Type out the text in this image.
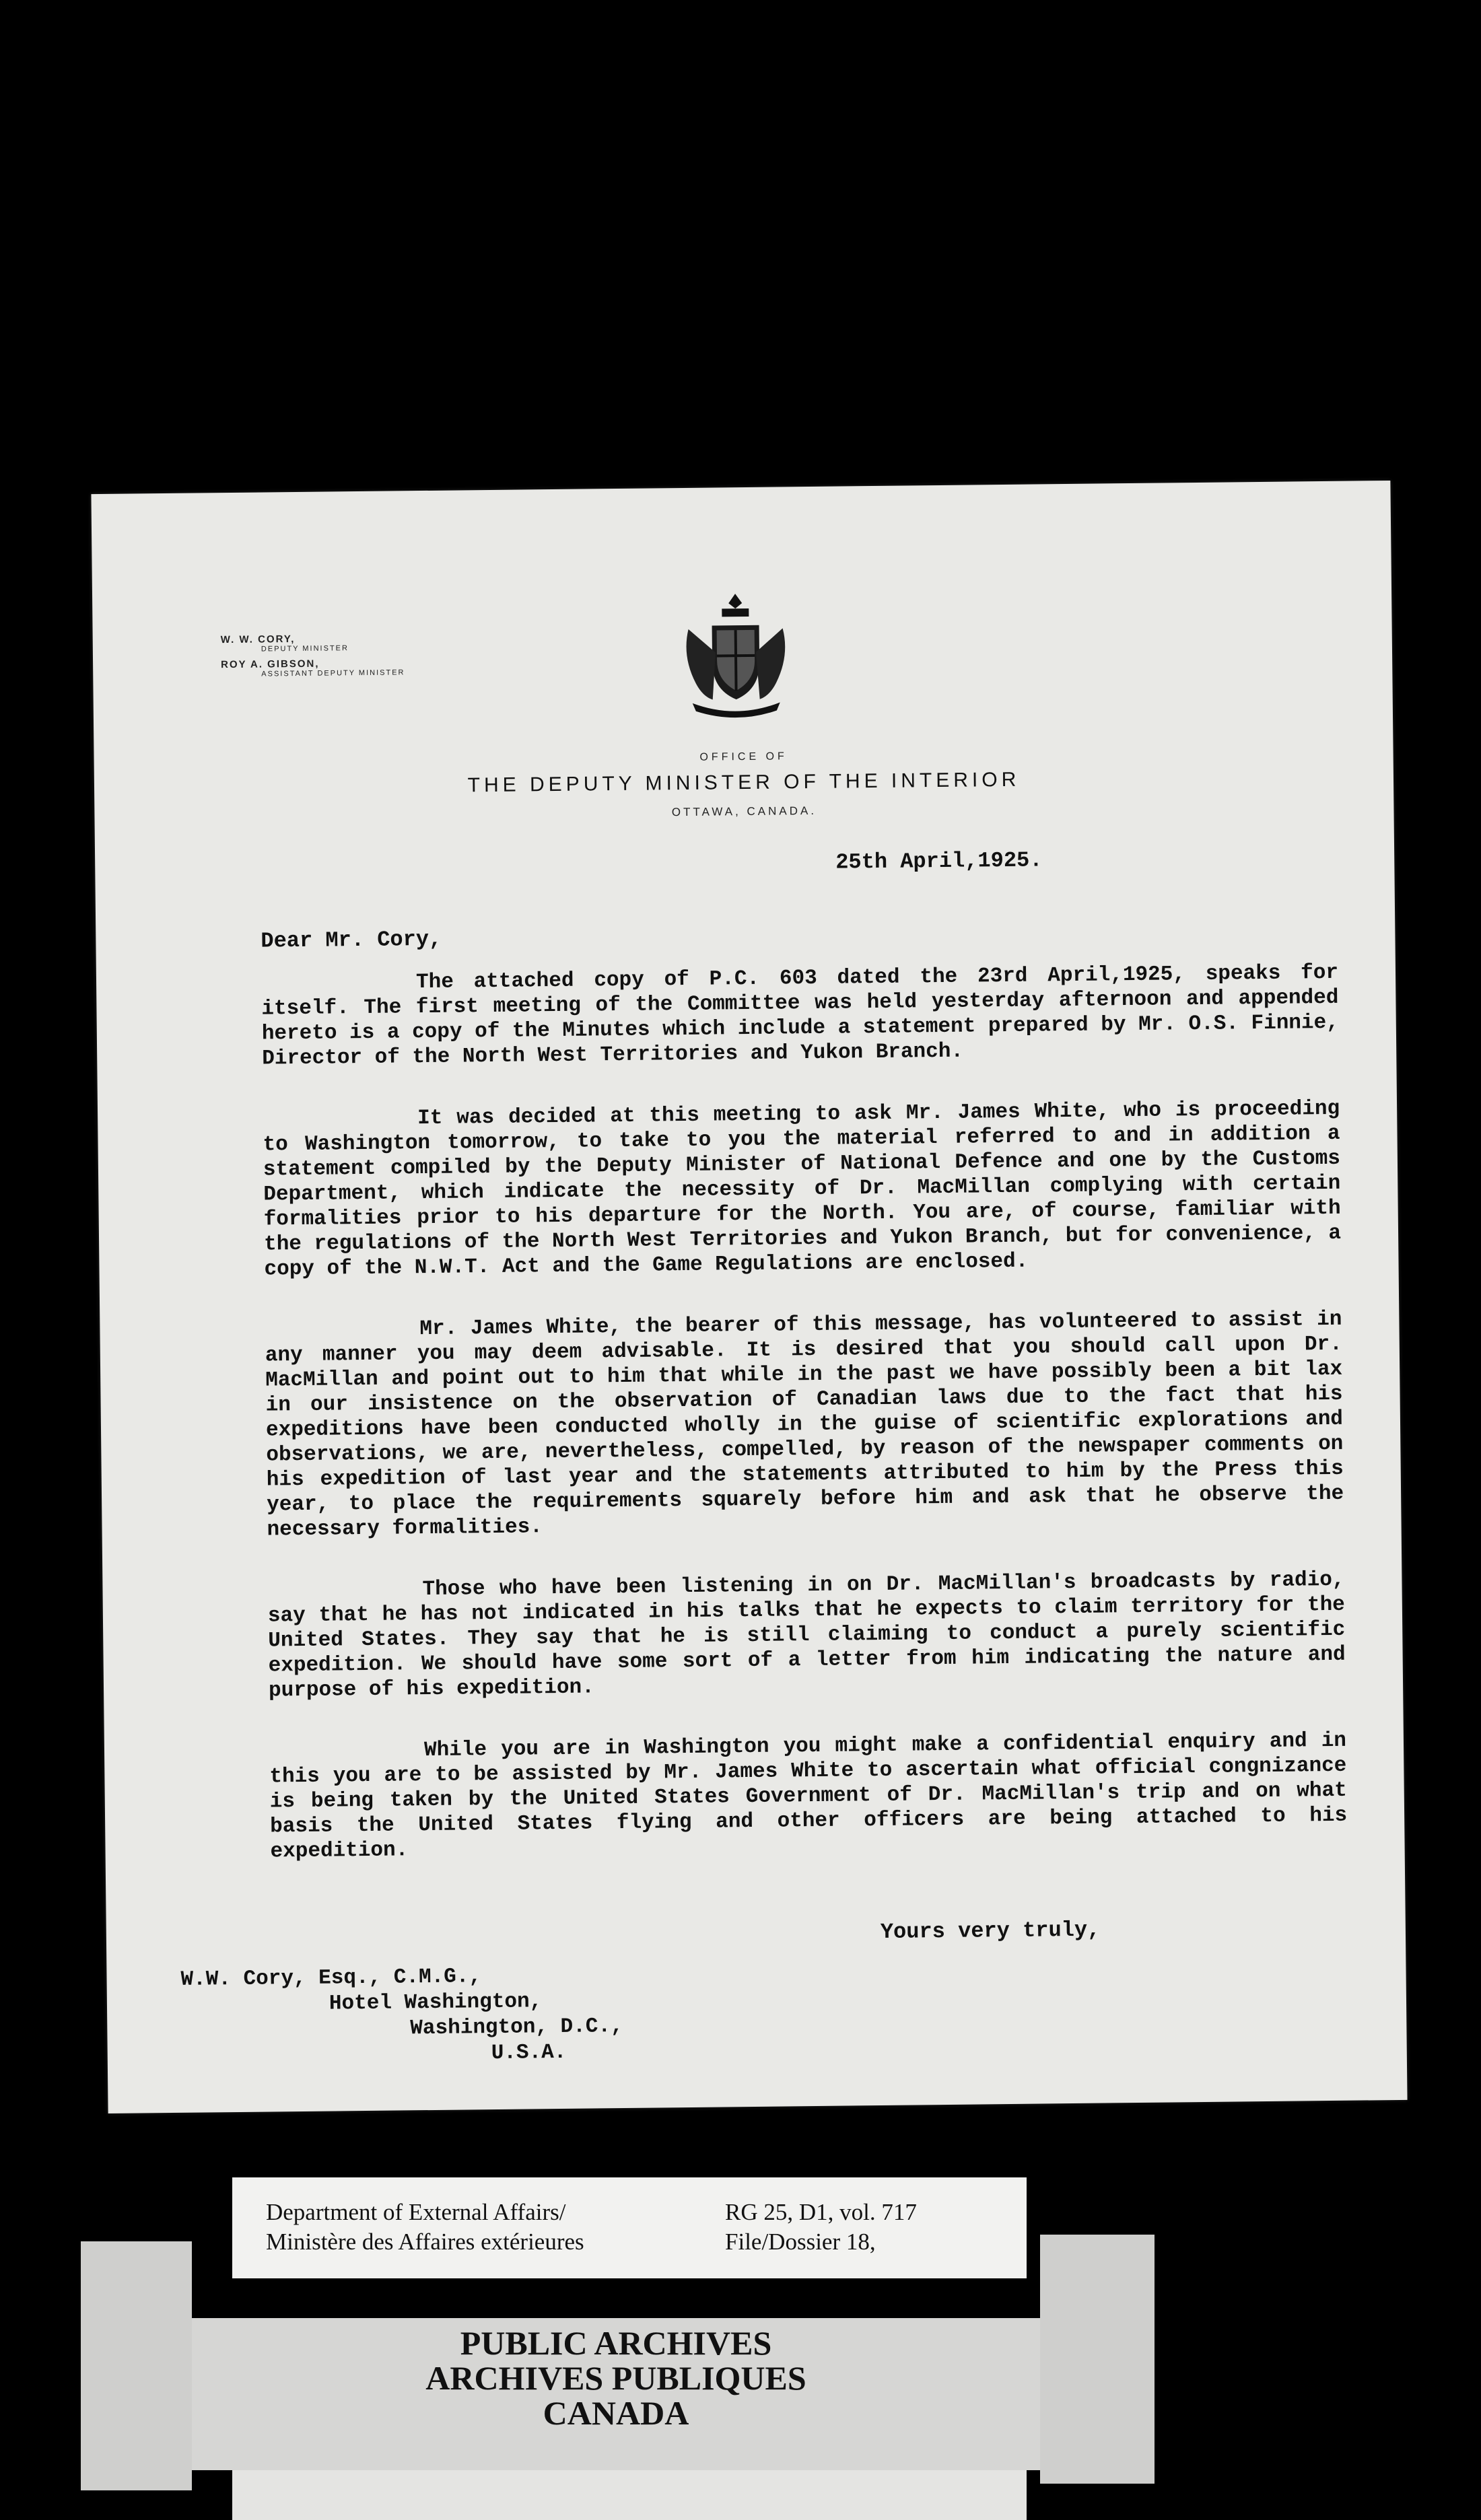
W. W. CORY,
DEPUTY MINISTER
ROY A. GIBSON,
ASSISTANT DEPUTY MINISTER
OFFICE OF
THE DEPUTY MINISTER OF THE INTERIOR
OTTAWA, CANADA.
25th April,1925.
Dear Mr. Cory,

The attached copy of P.C. 603 dated the 23rd April,1925, speaks for itself. The first meeting of the Committee was held yesterday afternoon and appended hereto is a copy of the Minutes which include a statement prepared by Mr. O.S. Finnie, Director of the North West Territories and Yukon Branch.

It was decided at this meeting to ask Mr. James White, who is proceeding to Washington tomorrow, to take to you the material referred to and in addition a statement compiled by the Deputy Minister of National Defence and one by the Customs Department, which indicate the necessity of Dr. MacMillan complying with certain formalities prior to his departure for the North. You are, of course, familiar with the regulations of the North West Territories and Yukon Branch, but for convenience, a copy of the N.W.T. Act and the Game Regulations are enclosed.

Mr. James White, the bearer of this message, has volunteered to assist in any manner you may deem advisable. It is desired that you should call upon Dr. MacMillan and point out to him that while in the past we have possibly been a bit lax in our insistence on the observation of Canadian laws due to the fact that his expeditions have been conducted wholly in the guise of scientific explorations and observations, we are, nevertheless, compelled, by reason of the newspaper comments on his expedition of last year and the statements attributed to him by the Press this year, to place the requirements squarely before him and ask that he observe the necessary formalities.

Those who have been listening in on Dr. MacMillan's broadcasts by radio, say that he has not indicated in his talks that he expects to claim territory for the United States. They say that he is still claiming to conduct a purely scientific expedition. We should have some sort of a letter from him indicating the nature and purpose of his expedition.

While you are in Washington you might make a confidential enquiry and in this you are to be assisted by Mr. James White to ascertain what official congnizance is being taken by the United States Government of Dr. MacMillan's trip and on what basis the United States flying and other officers are being attached to his expedition.

Yours very truly,
W.W. Cory, Esq., C.M.G.,
Hotel Washington,
Washington, D.C.,
U.S.A.
Department of External Affairs/
Ministère des Affaires extérieures
RG 25, D1, vol. 717
File/Dossier 18,
PUBLIC ARCHIVES
ARCHIVES PUBLIQUES
CANADA
